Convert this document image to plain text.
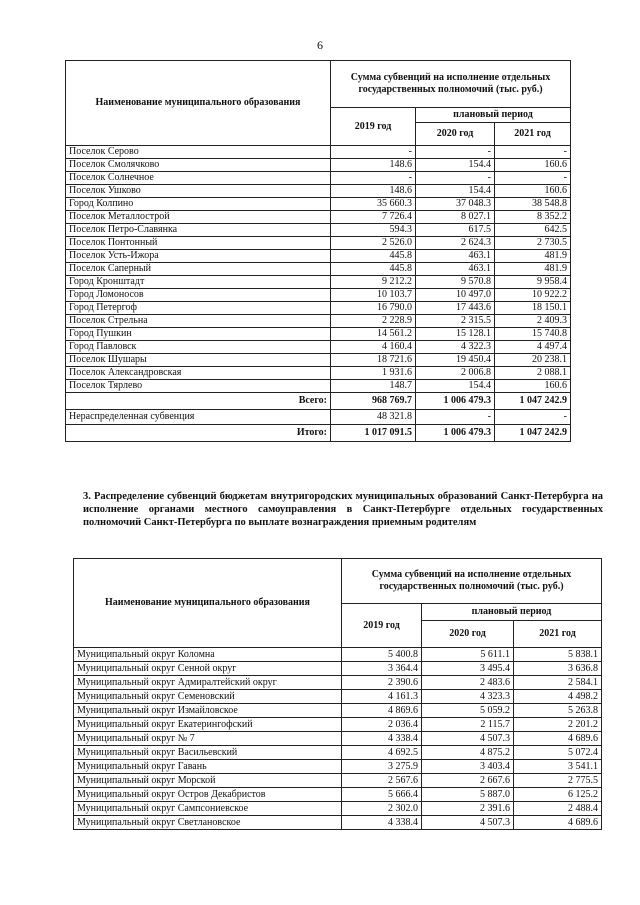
6
Наименование муниципального образования	Сумма субвенций на исполнение отдельных государственных полномочий (тыс. руб.)		
	2019 год	плановый период	
		2020 год	2021 год
Поселок Серово	-	-	-
Поселок Смолячково	148.6	154.4	160.6
Поселок Солнечное	-	-	-
Поселок Ушково	148.6	154.4	160.6
Город Колпино	35 660.3	37 048.3	38 548.8
Поселок Металлострой	7 726.4	8 027.1	8 352.2
Поселок Петро-Славянка	594.3	617.5	642.5
Поселок Понтонный	2 526.0	2 624.3	2 730.5
Поселок Усть-Ижора	445.8	463.1	481.9
Поселок Саперный	445.8	463.1	481.9
Город Кронштадт	9 212.2	9 570.8	9 958.4
Город Ломоносов	10 103.7	10 497.0	10 922.2
Город Петергоф	16 790.0	17 443.6	18 150.1
Поселок Стрельна	2 228.9	2 315.5	2 409.3
Город Пушкин	14 561.2	15 128.1	15 740.8
Город Павловск	4 160.4	4 322.3	4 497.4
Поселок Шушары	18 721.6	19 450.4	20 238.1
Поселок Александровская	1 931.6	2 006.8	2 088.1
Поселок Тярлево	148.7	154.4	160.6
Всего:	968 769.7	1 006 479.3	1 047 242.9
Нераспределенная субвенция	48 321.8	-	-
Итого:	1 017 091.5	1 006 479.3	1 047 242.9
3. Распределение субвенций бюджетам внутригородских муниципальных образований Санкт-Петербурга на исполнение органами местного самоуправления в Санкт-Петербурге отдельных государственных полномочий Санкт-Петербурга по выплате вознаграждения приемным родителям
Наименование муниципального образования	Сумма субвенций на исполнение отдельных государственных полномочий (тыс. руб.)		
	2019 год	плановый период	
		2020 год	2021 год
Муниципальный округ Коломна	5 400.8	5 611.1	5 838.1
Муниципальный округ Сенной округ	3 364.4	3 495.4	3 636.8
Муниципальный округ Адмиралтейский округ	2 390.6	2 483.6	2 584.1
Муниципальный округ Семеновский	4 161.3	4 323.3	4 498.2
Муниципальный округ Измайловское	4 869.6	5 059.2	5 263.8
Муниципальный округ Екатерингофский	2 036.4	2 115.7	2 201.2
Муниципальный округ № 7	4 338.4	4 507.3	4 689.6
Муниципальный округ Васильевский	4 692.5	4 875.2	5 072.4
Муниципальный округ Гавань	3 275.9	3 403.4	3 541.1
Муниципальный округ Морской	2 567.6	2 667.6	2 775.5
Муниципальный округ Остров Декабристов	5 666.4	5 887.0	6 125.2
Муниципальный округ Сампсониевское	2 302.0	2 391.6	2 488.4
Муниципальный округ Светлановское	4 338.4	4 507.3	4 689.6
